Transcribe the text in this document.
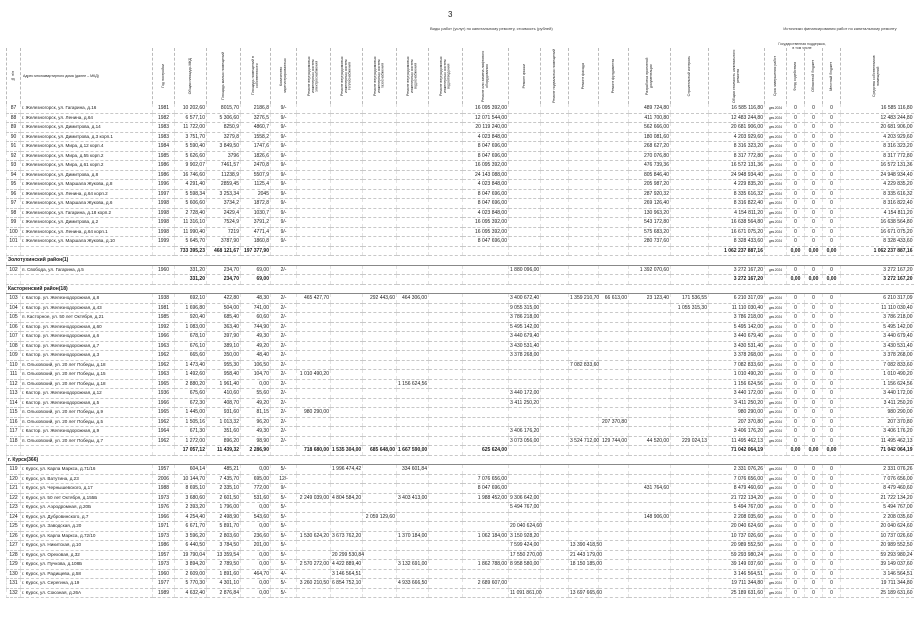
3
Виды работ (услуг) по капитальному ремонту, стоимость (рублей)	Источники финансирования работ по капитальному ремонту
Государственная поддержка, в том числе
№ п/п	Адрес многоквартирного дома (далее – МКД)	Год постройки	Общая площадь МКД	Площадь жилых помещений	Площадь помещений в собственности	Количество зарегистрированных	Ремонт внутридомовых инженерных систем электроснабжения	Ремонт внутридомовых инженерных систем теплоснабжения	Ремонт внутридомовых инженерных систем газоснабжения	Ремонт внутридомовых инженерных систем водоснабжения	Ремонт внутридомовых инженерных систем водоотведения	Ремонт или замена лифтового оборудования	Ремонт крыши	Ремонт подвальных помещений	Ремонт фасада	Ремонт фундамента	Разработка проектной документации	Строительный контроль	Общая стоимость капитального ремонта	Срок завершения работ	Фонд содействия	Областной бюджет	Местный бюджет	Средства собственников помещений

87	г. Железногорск, ул. Гагарина, д.16	1981	10 202,60	8015,70	2186,8	9/-						16 095 392,00					489 724,80		16 585 116,80	дек.2024	0	0	0	16 585 116,80
88	г. Железногорск, ул. Ленина, д.64	1982	6 577,10	5 306,60	3276,5	9/-						12 071 544,00					411 700,80		12 483 244,80	дек.2024	0	0	0	12 483 244,80
89	г. Железногорск, ул. Димитрова, д.14	1983	11 722,00	8250,9	4860,7	9/-						20 119 240,00					562 666,00		20 681 906,00	дек.2024	0	0	0	20 681 906,00
90	г. Железногорск, ул. Димитрова, д.3 корп.1	1983	3 751,70	3279,8	1558,2	9/-						4 023 848,00					180 081,60		4 203 929,60	дек.2024	0	0	0	4 203 929,60
91	г. Железногорск, ул. Мира, д.12 корп.4	1984	5 590,40	3 849,50	1747,6	9/-						8 047 696,00					268 627,20		8 316 323,20	дек.2024	0	0	0	8 316 323,20
92	г. Железногорск, ул. Мира, д.55 корп.2	1985	5 626,60	3796	1826,6	9/-						8 047 696,00					270 076,80		8 317 772,80	дек.2024	0	0	0	8 317 772,80
93	г. Железногорск, ул. Мира, д.61 корп.2	1986	9 902,07	7461,57	2470,8	9/-						16 095 392,00					476 739,36		16 572 131,36	дек.2024	0	0	0	16 572 131,36
94	г. Железногорск, ул. Димитрова, д.8	1986	16 746,60	11238,9	5507,9	9/-						24 143 088,00					805 846,40		24 948 934,40	дек.2024	0	0	0	24 948 934,40
95	г. Железногорск, ул. Маршала Жукова, д.8	1996	4 291,40	2859,45	1125,4	9/-						4 023 848,00					205 987,20		4 229 835,20	дек.2024	0	0	0	4 229 835,20
96	г. Железногорск, ул. Ленина, д.64 корп.2	1997	5 598,34	3 253,34	2045	9/-						8 047 696,00					287 920,32		8 335 616,32	дек.2024	0	0	0	8 335 616,32
97	г. Железногорск, ул. Маршала Жукова, д.6	1998	5 606,60	3734,2	1872,8	9/-						8 047 696,00					269 126,40		8 316 822,40	дек.2024	0	0	0	8 316 822,40
98	г. Железногорск, ул. Гагарина, д.18 корп.2	1998	2 728,40	2429,4	1030,7	9/-						4 023 848,00					130 963,20		4 154 811,20	дек.2024	0	0	0	4 154 811,20
99	г. Железногорск, ул. Димитрова, д.2	1998	11 316,10	7524,9	3791,2	9/-						16 095 392,00					543 172,80		16 638 564,80	дек.2024	0	0	0	16 638 564,80
100	г. Железногорск, ул. Ленина, д.64 корп.1	1998	11 990,40	7219	4771,4	9/-						16 095 392,00					575 683,20		16 671 075,20	дек.2024	0	0	0	16 671 075,20
101	г. Железногорск, ул. Маршала Жукова, д.10	1999	5 645,70	3787,90	1860,8	9/-						8 047 696,00					280 737,60		8 328 433,60	дек.2024	0	0	0	8 328 433,60
			733 395,23	468 121,67	197 377,90														1 062 237 887,16		0,00	0,00	0,00	1 062 237 887,16
Золотухинский район(1)																								
102	п. Свобода, ул. Гагарина, д.5	1960	331,20	234,70	69,00	2/-							1 880 096,00				1 392 070,60		3 272 167,20	дек.2024	0	0	0	3 272 167,20
			331,20	234,70	69,00														3 272 167,20		0,00	0,00	0,00	3 272 167,20
Касторенский район(18)																								
103	г. Кастор. ул. Железнодорожная, д.8	1938	692,10	422,80	48,30	2/-	465 427,70		292 443,60	464 306,00			3 400 672,40		1 359 210,70	66 613,00	23 123,40	171 536,55	6 210 317,09	дек.2024	0	0	0	6 210 317,09
104	г. Кастор. ул. Железнодорожная, д.43	1981	1 696,80	504,00	741,00	2/-							9 055 315,00					1 055 315,30	11 110 030,40	дек.2024	0	0	0	11 110 030,40
105	п. Касторное, ул. 50 лет Октября, д.21	1985	920,40	685,40	60,60	2/-							3 786 218,00						3 786 218,00	дек.2024	0	0	0	3 786 218,00
106	г. Кастор. ул. Железнодорожная, д.60	1992	1 083,00	363,40	744,90	2/-							5 495 142,00						5 495 142,00	дек.2024	0	0	0	5 495 142,00
107	г. Кастор. ул. Железнодорожная, д.6	1966	678,10	397,90	49,30	2/-							3 440 679,40						3 440 679,40	дек.2024	0	0	0	3 440 679,40
108	г. Кастор. ул. Железнодорожная, д.7	1963	676,10	389,10	49,20	2/-							3 430 531,40						3 430 531,40	дек.2024	0	0	0	3 430 531,40
109	г. Кастор. ул. Железнодорожная, д.3	1962	665,60	350,00	48,40	2/-							3 378 268,00						3 378 268,00	дек.2024	0	0	0	3 378 268,00
110	п. Ольховский, ул. 20 лет Победы, д.18	1962	1 473,40	955,30	106,50	2/-									7 082 833,60				7 082 833,60	дек.2024	0	0	0	7 082 833,60
111	п. Ольховский, ул. 20 лет Победы, д.15	1963	1 492,60	958,40	104,70	2/-	1 010 490,20												1 010 490,20	дек.2024	0	0	0	1 010 490,20
112	п. Ольховский, ул. 20 лет Победы, д.18	1965	2 880,20	1 961,40	0,00	2/-				1 156 624,56									1 156 624,56	дек.2024	0	0	0	1 156 624,56
113	г. Кастор. ул. Железнодорожная, д.12	1936	675,60	410,60	55,60	2/-							3 440 172,00						3 440 172,00	дек.2024	0	0	0	3 440 172,00
114	г. Кастор. ул. Железнодорожная, д.5	1966	672,30	408,70	49,20	2/-							3 411 250,20						3 411 250,20	дек.2024	0	0	0	3 411 250,20
115	п. Ольховский, ул. 20 лет Победы, д.9	1965	1 445,00	931,60	81,15	2/-	980 290,00												980 290,00	дек.2024	0	0	0	980 290,00
116	п. Ольховский, ул. 20 лет Победы, д.5	1962	1 505,16	1 013,32	96,20	2/-										207 370,80			207 370,80	дек.2024	0	0	0	207 370,80
117	г. Кастор. ул. Железнодорожная, д.9	1964	671,30	351,60	49,30	2/-							3 406 176,20						3 406 176,20	дек.2024	0	0	0	3 406 176,20
118	п. Ольховский, ул. 20 лет Победы, д.7	1962	1 272,00	896,20	98,90	2/-							3 073 056,00		3 524 712,00	129 744,00	44 520,00	229 024,13	11 495 462,13	дек.2024	0	0	0	11 495 462,13
			17 057,12	11 439,32	2 286,90		718 680,00	1 535 304,00	685 648,00	1 667 590,00		625 624,00							71 042 064,19		0,00	0,00	0,00	71 042 064,19
г. Курск(366)																								
119	г. Курск, ул. Карла Маркса, д.71/16	1957	604,14	485,21	0,00	5/-		1 996 474,42		334 601,84									2 331 076,26	дек.2024	0	0	0	2 331 076,26
120	г. Курск, ул. Ватутина, д.23	2006	10 144,70	7 435,70	695,00	12/-						7 076 656,00							7 076 656,00	дек.2024	0	0	0	7 076 656,00
121	г. Курск, ул. Чернышевского, д.17	1988	8 695,10	2 335,10	772,00	9/-						8 047 696,00					431 764,60		8 479 460,60	дек.2024	0	0	0	8 479 460,60
122	г. Курск, ул. 50 лет Октября, д.155Б	1973	3 680,60	2 601,50	531,60	5/-	2 249 039,00	4 804 584,20		3 403 413,00		1 988 452,00	9 306 642,00						21 722 134,20	дек.2024	0	0	0	21 722 134,20
123	г. Курск, ул. Аэродромная, д.20Б	1976	2 393,20	1 796,00	0,00	5/-							5 494 767,00						5 494 767,00	дек.2024	0	0	0	5 494 767,00
124	г. Курск, ул. Дубровинского, д.7	1966	4 254,40	2 498,90	543,60	5/-			2 059 129,60								148 906,00		2 208 035,60	дек.2024	0	0	0	2 208 035,60
125	г. Курск, ул. Заводская, д.20	1971	6 671,70	5 891,70	0,00	5/-							20 040 624,60						20 040 624,60	дек.2024	0	0	0	20 040 624,60
126	г. Курск, ул. Карла Маркса, д.72/10	1973	3 596,20	2 803,60	236,60	5/-	1 530 624,20	3 673 762,20		1 370 184,00		1 062 184,00	3 150 928,20						10 737 026,60	дек.2024	0	0	0	10 737 026,60
127	г. Курск, ул. Никитская, д.10	1986	6 440,50	3 784,50	201,00	5/-							7 599 424,00		13 390 418,50				20 989 552,50	дек.2024	0	0	0	20 989 552,50
128	г. Курск, ул. Ореховая, д.32	1957	19 790,04	13 359,54	0,00	5/-		20 299 530,84					17 550 270,00		21 443 179,00				59 293 980,24	дек.2024	0	0	0	59 293 980,24
129	г. Курск, ул. Пучкова, д.108Б	1973	3 894,20	2 789,50	0,00	5/-	2 570 272,00	4 422 889,40		3 132 691,00		1 862 788,00	8 958 580,00		18 150 185,00				39 149 037,60	дек.2024	0	0	0	39 149 037,60
130	г. Курск, ул. Радищева, д.58	1960	2 609,00	1 891,60	464,70	4/-		3 146 564,51											3 146 564,51	дек.2024	0	0	0	3 146 564,51
131	г. Курск, ул. Серегина, д.19	1977	5 770,30	4 301,10	0,00	5/-	3 260 210,50	6 854 752,10		4 933 666,50		2 689 607,00							19 711 344,80	дек.2024	0	0	0	19 711 344,80
132	г. Курск, ул. Союзная, д.26А	1989	4 632,40	2 876,84	0,00	5/-							11 091 861,00		13 697 665,60				25 189 631,60	дек.2024	0	0	0	25 189 631,60
